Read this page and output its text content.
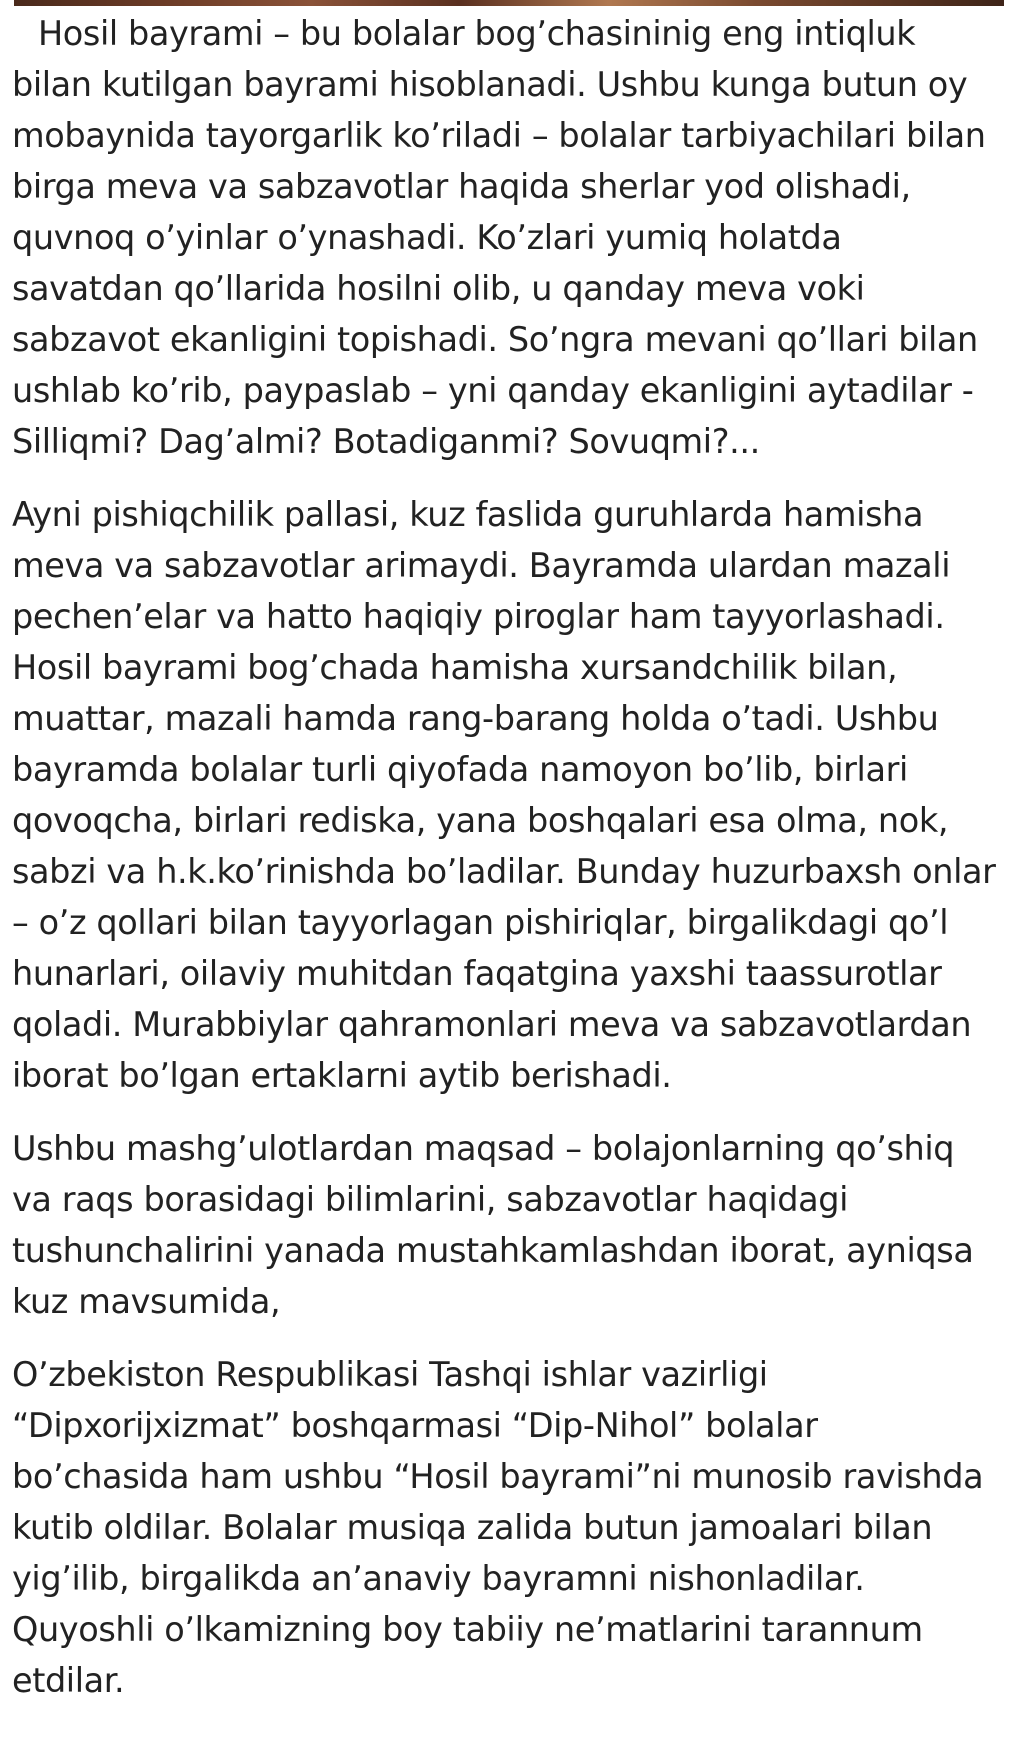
Hosil bayrami – bu bolalar bog’chasininig eng intiqluk bilan kutilgan bayrami hisoblanadi. Ushbu kunga butun oy mobaynida tayorgarlik ko’riladi – bolalar tarbiyachilari bilan birga meva va sabzavotlar haqida sherlar yod olishadi, quvnoq o’yinlar o’ynashadi. Ko’zlari yumiq holatda savatdan qo’llarida hosilni olib, u qanday meva voki sabzavot ekanligini topishadi. So’ngra mevani qo’llari bilan ushlab ko’rib, paypaslab – yni qanday ekanligini aytadilar - Silliqmi? Dag’almi? Botadiganmi? Sovuqmi?...

Ayni pishiqchilik pallasi, kuz faslida guruhlarda hamisha meva va sabzavotlar arimaydi. Bayramda ulardan mazali pechen’elar va hatto haqiqiy piroglar ham tayyorlashadi. Hosil bayrami bog’chada hamisha xursandchilik bilan, muattar, mazali hamda rang-barang holda o’tadi. Ushbu bayramda bolalar turli qiyofada namoyon bo’lib, birlari qovoqcha, birlari rediska, yana boshqalari esa olma, nok, sabzi va h.k.ko’rinishda bo’ladilar. Bunday huzurbaxsh onlar – o’z qollari bilan tayyorlagan pishiriqlar, birgalikdagi qo’l hunarlari, oilaviy muhitdan faqatgina yaxshi taassurotlar qoladi. Murabbiylar qahramonlari meva va sabzavotlardan iborat bo’lgan ertaklarni aytib berishadi.

Ushbu mashg’ulotlardan maqsad – bolajonlarning qo’shiq va raqs borasidagi bilimlarini, sabzavotlar haqidagi tushunchalirini yanada mustahkamlashdan iborat, ayniqsa kuz mavsumida,

O’zbekiston Respublikasi Tashqi ishlar vazirligi “Dipxorijxizmat” boshqarmasi “Dip-Nihol” bolalar bo’chasida ham ushbu “Hosil bayrami”ni munosib ravishda kutib oldilar. Bolalar musiqa zalida butun jamoalari bilan yig’ilib, birgalikda an’anaviy bayramni nishonladilar. Quyoshli o’lkamizning boy tabiiy ne’matlarini tarannum etdilar.
